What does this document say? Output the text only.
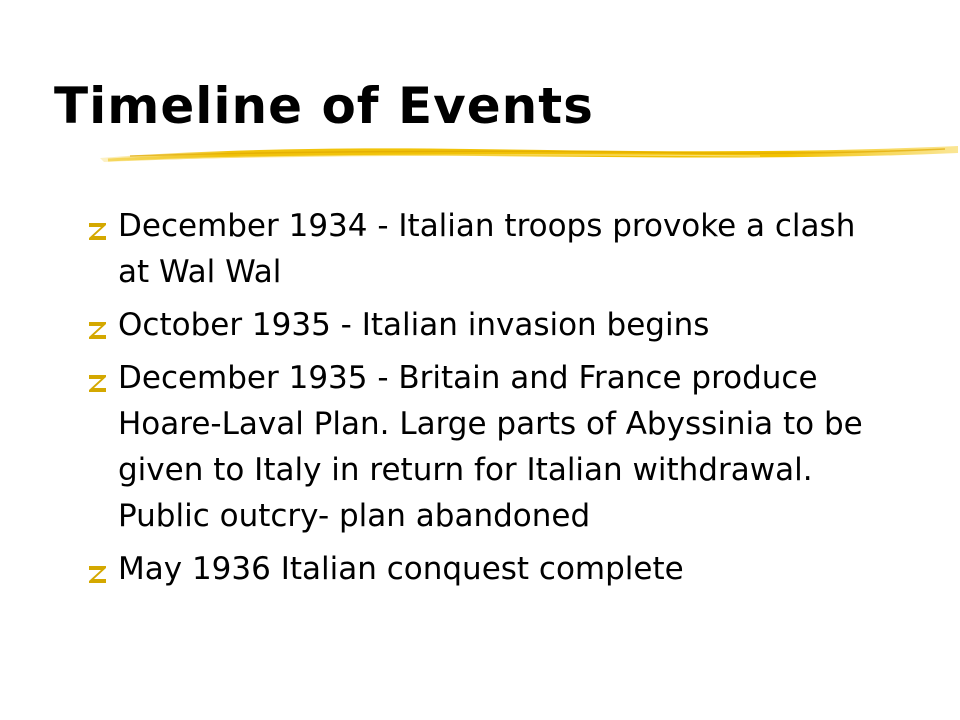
Timeline of Events
December 1934 - Italian troops provoke a clash at Wal Wal
October 1935 - Italian invasion begins
December 1935 - Britain and France produce Hoare-Laval Plan. Large parts of Abyssinia to be given to Italy in return for Italian withdrawal. Public outcry- plan abandoned
May 1936 Italian conquest complete
